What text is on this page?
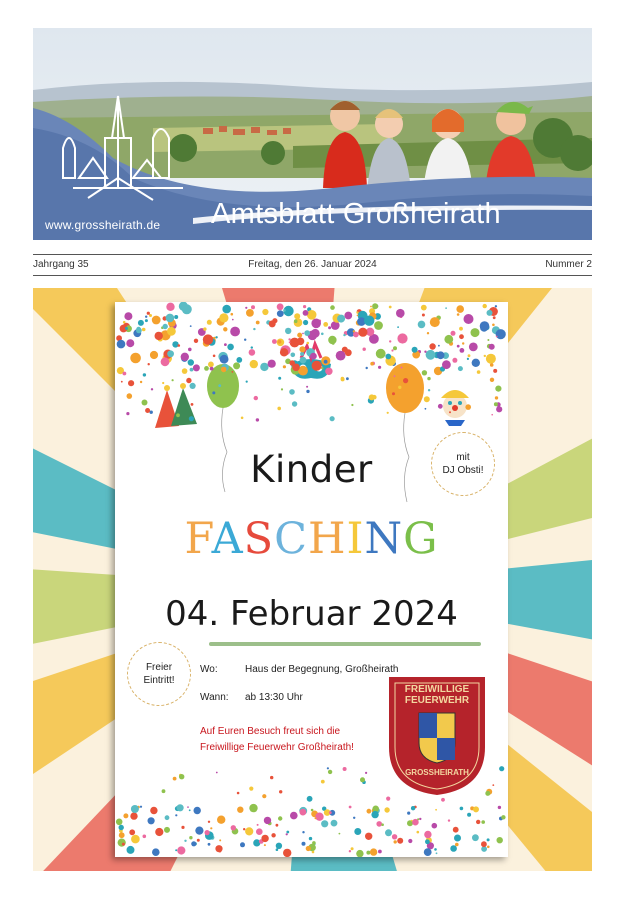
www.grossheirath.de Amtsblatt Großheirath
Freitag, den 26. Januar 2024
Jahrgang 35	Nummer 2
Kinder
FASCHING
04. Februar 2024
mit
DJ Obsti!
Freier
Eintritt!
Wo:	Haus der Begegnung, Großheirath
Wann: ab 13:30 Uhr
Auf Euren Besuch freut sich die
Freiwillige Feuerwehr Großheirath!
FREIWILLIGE
FEUERWEHR
GROSSHEIRATH
